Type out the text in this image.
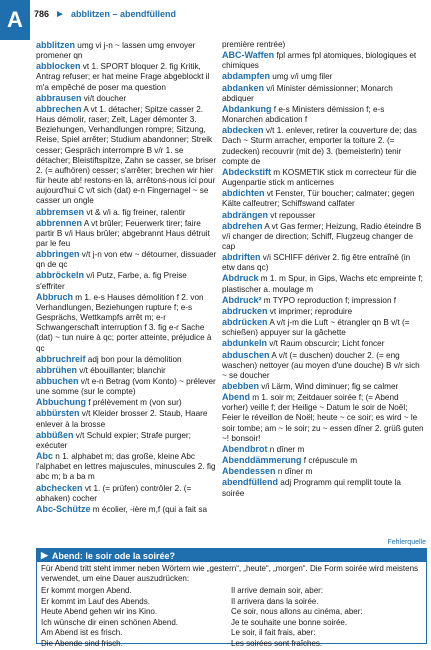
A	786 ► abblitzen – abendfüllend

abblitzen umg vi j-n ~ lassen umg envoyer promener qn

abblocken vt 1. SPORT bloquer 2. fig Kritik, Antrag refuser; er hat meine Frage abgeblockt il m'a empêché de poser ma question

abbrausen vi/t doucher

abbrechen A vt 1. détacher; Spitze casser 2. Haus démolir, raser; Zelt, Lager démonter 3. Beziehungen, Verhandlungen rompre; Sitzung, Reise, Spiel arrêter; Studium abandonner; Streik cesser; Gespräch interrompre B v/r 1. se détacher; Bleistiftspitze, Zahn se casser, se briser 2. (= aufhören) cesser; s'arrêter; brechen wir hier für heute ab! restons-en là, arrêtons-nous ici pour aujourd'hui C v/t sich (dat) e-n Fingernagel ~ se casser un ongle

abbremsen vt & v/i a. fig freiner, ralentir

abbrennen A vt brûler; Feuerwerk tirer; faire partir B v/i Haus brûler; abgebrannt Haus détruit par le feu

abbringen v/t j-n von etw ~ détourner, dissuader qn de qc

abbröckeln v/i Putz, Farbe, a. fig Preise s'effriter

Abbruch m 1. e-s Hauses démolition f 2. von Verhandlungen, Beziehungen rupture f; e-s Gesprächs, Wettkampfs arrêt m; e-r Schwangerschaft interruption f 3. fig e-r Sache (dat) ~ tun nuire à qc; porter atteinte, préjudice à qc

abbruchreif adj bon pour la démolition

abbrühen v/t ébouillanter; blanchir

abbuchen v/t e-n Betrag (vom Konto) ~ prélever une somme (sur le compte)

Abbuchung f prélèvement m (von sur)

abbürsten v/t Kleider brosser 2. Staub, Haare enlever à la brosse

abbüßen v/t Schuld expier; Strafe purger; exécuter

Abc n 1. alphabet m; das große, kleine Abc l'alphabet en lettres majuscules, minuscules 2. fig abc m; b a ba m

abchecken vt 1. (= prüfen) contrôler 2. (= abhaken) cocher

Abc-Schütze m écolier, -ière m,f (qui a fait sa

première rentrée)

ABC-Waffen fpl armes fpl atomiques, biologiques et chimiques

abdampfen umg v/i umg filer

abdanken v/i Minister démissionner; Monarch abdiquer

Abdankung f e-s Ministers démission f; e-s Monarchen abdication f

abdecken v/t 1. enlever, retirer la couverture de; das Dach ~ Sturm arracher, emporter la toiture 2. (= zudecken) recouvrir (mit de) 3. (bemeisterln) tenir compte de

Abdeckstift m KOSMETIK stick m correcteur für die Augenpartie stick m anticernes

abdichten vt Fenster, Tür boucher; calmater; gegen Kälte calfeutrer; Schiffswand calfater

abdrängen vt repousser

abdrehen A vt Gas fermer; Heizung, Radio éteindre B v/i changer de direction; Schiff, Flugzeug changer de cap

abdriften v/i SCHIFF dériver 2. fig être entraîné (in etw dans qc)

Abdruck m 1. m Spur, in Gips, Wachs etc empreinte f; plastischer a. moulage m

Abdruck² m TYPO reproduction f; impression f

abdrucken vt imprimer; reproduire

abdrücken A v/t j-m die Luft ~ étrangler qn B v/t (= schießen) appuyer sur la gâchette

abdunkeln v/t Raum obscurcir; Licht foncer

abduschen A v/t (= duschen) doucher 2. (= eng waschen) nettoyer (au moyen d'une douche) B v/r sich ~ se doucher

abebben v/i Lärm, Wind diminuer; fig se calmer

Abend m 1. soir m; Zeitdauer soirée f; (= Abend vorher) veille f; der Heilige ~ Datum le soir de Noël; Feier le réveillon de Noël; heute ~ ce soir; es wird ~ le soir tombe; am ~ le soir; zu ~ essen dîner 2. grüß guten ~! bonsoir!

Abendbrot n dîner m

Abenddämmerung f crépuscule m

Abendessen n dîner m

abendfüllend adj Programm qui remplit toute la soirée

Fehlerquelle
▶ Abend: le soir ode la soirée?
Für Abend tritt steht immer neben Wörtern wie „gestern“, „heute“, „morgen“. Die Form soirée wird meistens verwendet, um eine Dauer auszudrücken:
Er kommt morgen Abend.	Il arrive demain soir, aber:
Er kommt im Lauf des Abends.	Il arrivera dans la soirée.
Heute Abend gehen wir ins Kino.	Ce soir, nous allons au cinéma, aber:
Ich wünsche dir einen schönen Abend.	Je te souhaite une bonne soirée.
Am Abend ist es frisch.	Le soir, il fait frais, aber:
Die Abende sind frisch.	Les soirées sont fraîches.
